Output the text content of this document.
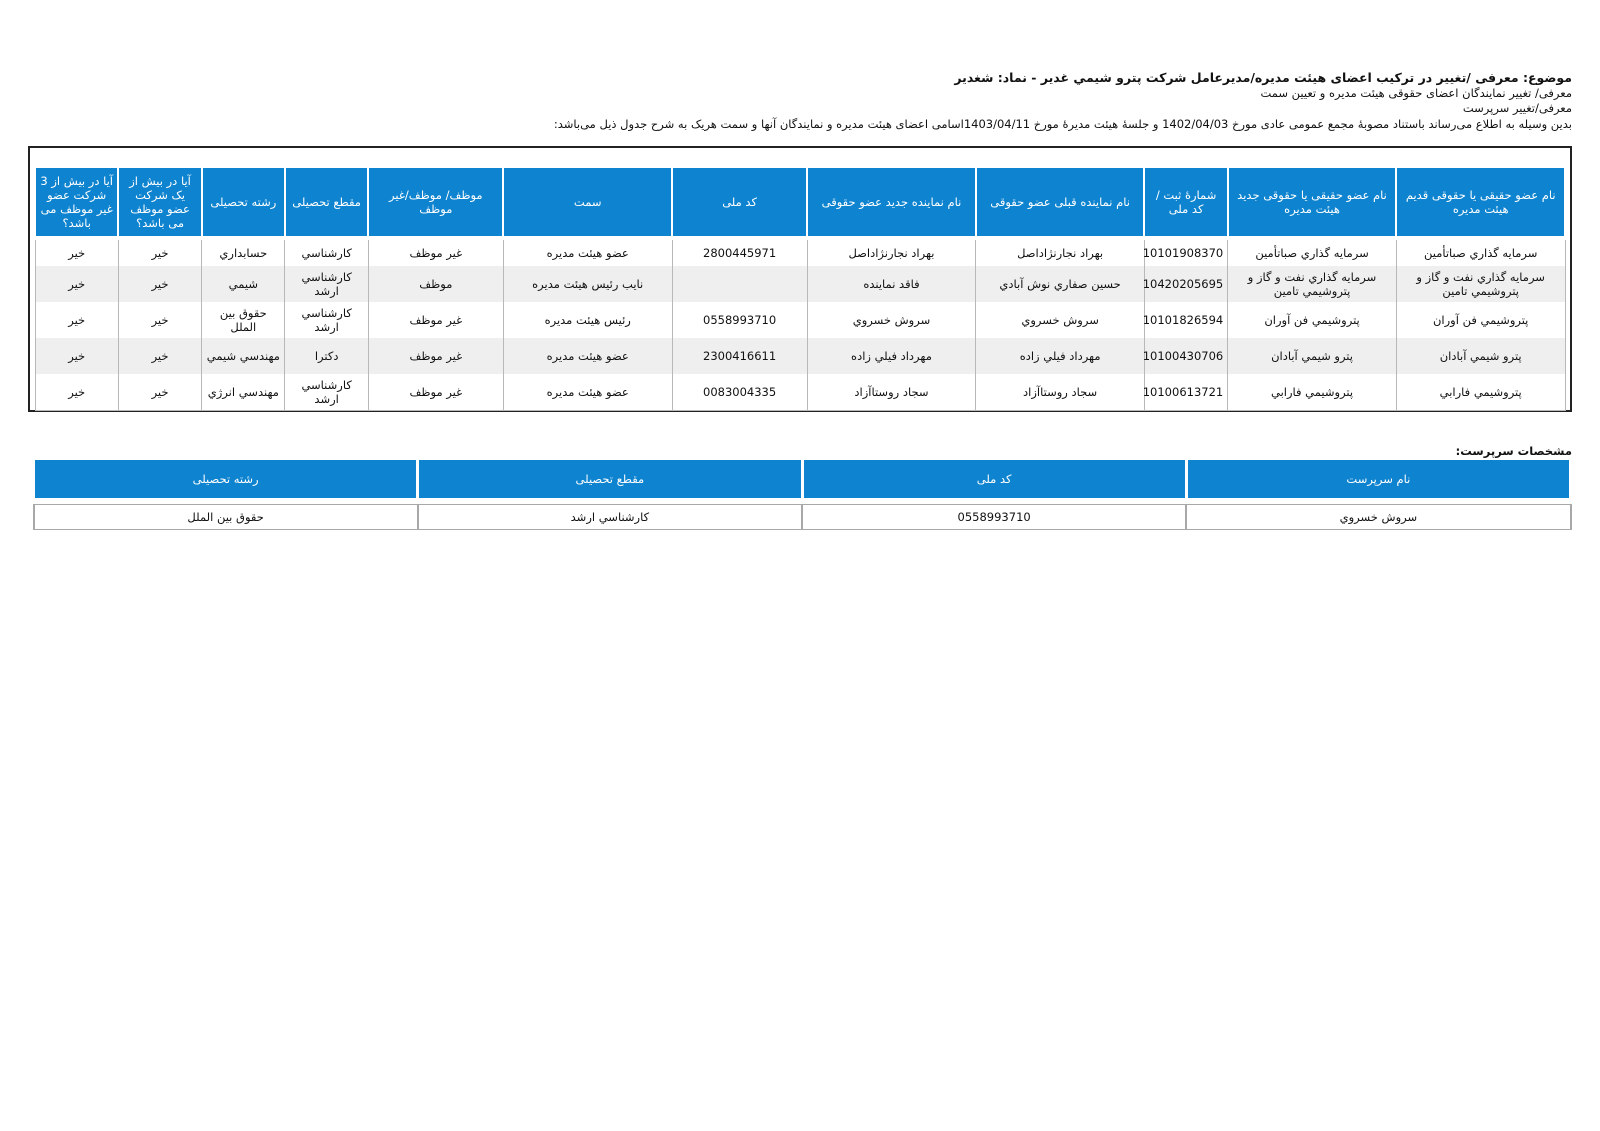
موضوع: معرفی /تغییر در ترکیب اعضای هیئت مدیره/مدیرعامل شرکت پترو شیمي غدیر - نماد: شغدیر
معرفی/ تغییر نمایندگان اعضای حقوقی هیئت مدیره و تعیین سمت
معرفی/تغییر سرپرست
بدین وسیله به اطلاع می‌رساند باستناد مصوبهٔ مجمع عمومی عادی مورخ 1402/04/03 و جلسهٔ هیئت مدیرهٔ مورخ 1403/04/11اسامی اعضای هیئت مدیره و نمایندگان آنها و سمت هریک به شرح جدول ذیل می‌باشد:
نام عضو حقیقی یا حقوقی قدیم هیئت مدیره	نام عضو حقیقی یا حقوقی جدید هیئت مدیره	شمارهٔ ثبت / کد ملی	نام نماینده قبلی عضو حقوقی	نام نماینده جدید عضو حقوقی	کد ملی	سمت	موظف/ موظف/غیر موظف	مقطع تحصیلی	رشته تحصیلی	آیا در بیش از یک شرکت عضو موظف می باشد؟	آیا در بیش از 3 شرکت عضو غیر موظف می باشد؟

سرمایه گذاري صباتأمین	سرمایه گذاري صباتأمین	10101908370	بهراد نجارنژاداصل	بهراد نجارنژاداصل	2800445971	عضو هیئت مدیره	غیر موظف	کارشناسي	حسابداري	خیر	خیر
سرمایه گذاري نفت و گاز و پتروشیمي تامین	سرمایه گذاري نفت و گاز و پتروشیمي تامین	10420205695	حسین صفاري نوش آبادي	فاقد نماینده		نایب رئیس هیئت مدیره	موظف	کارشناسي ارشد	شیمي	خیر	خیر
پتروشیمي فن آوران	پتروشیمي فن آوران	10101826594	سروش خسروي	سروش خسروي	0558993710	رئیس هیئت مدیره	غیر موظف	کارشناسي ارشد	حقوق بین الملل	خیر	خیر
پترو شیمي آبادان	پترو شیمي آبادان	10100430706	مهرداد فیلي زاده	مهرداد فیلي زاده	2300416611	عضو هیئت مدیره	غیر موظف	دکترا	مهندسي شیمي	خیر	خیر
پتروشیمي فارابي	پتروشیمي فارابي	10100613721	سجاد روستاآزاد	سجاد روستاآزاد	0083004335	عضو هیئت مدیره	غیر موظف	کارشناسي ارشد	مهندسي انرژي	خیر	خیر
مشخصات سرپرست:
نام سرپرست	کد ملی	مقطع تحصیلی	رشته تحصیلی

سروش خسروي	0558993710	کارشناسي ارشد	حقوق بین الملل
